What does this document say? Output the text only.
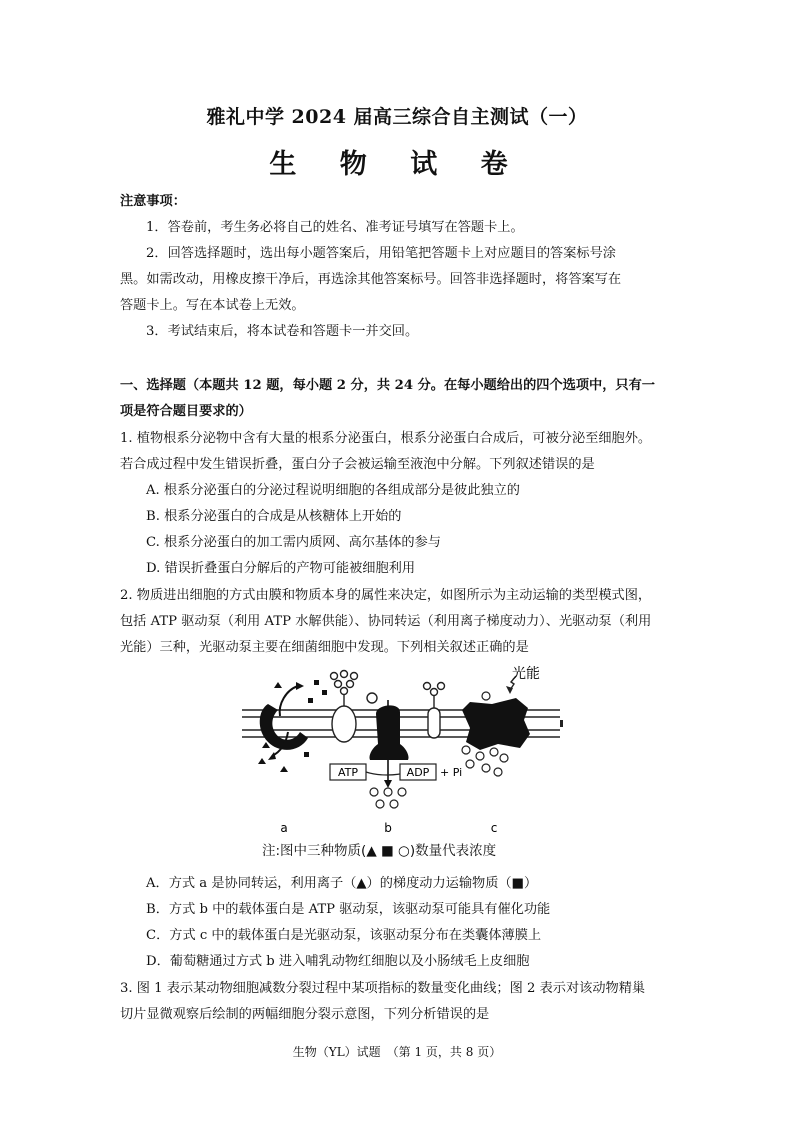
雅礼中学 2024 届高三综合自主测试（一）
生 物 试 卷
注意事项：
1．答卷前，考生务必将自己的姓名、准考证号填写在答题卡上。
2．回答选择题时，选出每小题答案后，用铅笔把答题卡上对应题目的答案标号涂
黑。如需改动，用橡皮擦干净后，再选涂其他答案标号。回答非选择题时，将答案写在
答题卡上。写在本试卷上无效。
3．考试结束后，将本试卷和答题卡一并交回。
一、选择题（本题共 12 题，每小题 2 分，共 24 分。在每小题给出的四个选项中，只有一
项是符合题目要求的）
1. 植物根系分泌物中含有大量的根系分泌蛋白，根系分泌蛋白合成后，可被分泌至细胞外。
若合成过程中发生错误折叠，蛋白分子会被运输至液泡中分解。下列叙述错误的是
A. 根系分泌蛋白的分泌过程说明细胞的各组成部分是彼此独立的
B. 根系分泌蛋白的合成是从核糖体上开始的
C. 根系分泌蛋白的加工需内质网、高尔基体的参与
D. 错误折叠蛋白分解后的产物可能被细胞利用
2. 物质进出细胞的方式由膜和物质本身的属性来决定，如图所示为主动运输的类型模式图，
包括 ATP 驱动泵（利用 ATP 水解供能）、协同转运（利用离子梯度动力）、光驱动泵（利用
光能）三种，光驱动泵主要在细菌细胞中发现。下列相关叙述正确的是
ATP	ADP + Pi
光能
a	b	c
注:图中三种物质(▲ ■ ○)数量代表浓度
A．方式 a 是协同转运，利用离子（▲）的梯度动力运输物质（■）
B．方式 b 中的载体蛋白是 ATP 驱动泵，该驱动泵可能具有催化功能
C．方式 c 中的载体蛋白是光驱动泵，该驱动泵分布在类囊体薄膜上
D．葡萄糖通过方式 b 进入哺乳动物红细胞以及小肠绒毛上皮细胞
3. 图 1 表示某动物细胞减数分裂过程中某项指标的数量变化曲线；图 2 表示对该动物精巢
切片显微观察后绘制的两幅细胞分裂示意图，下列分析错误的是
生物（YL）试题　（第 1 页，共 8 页）
